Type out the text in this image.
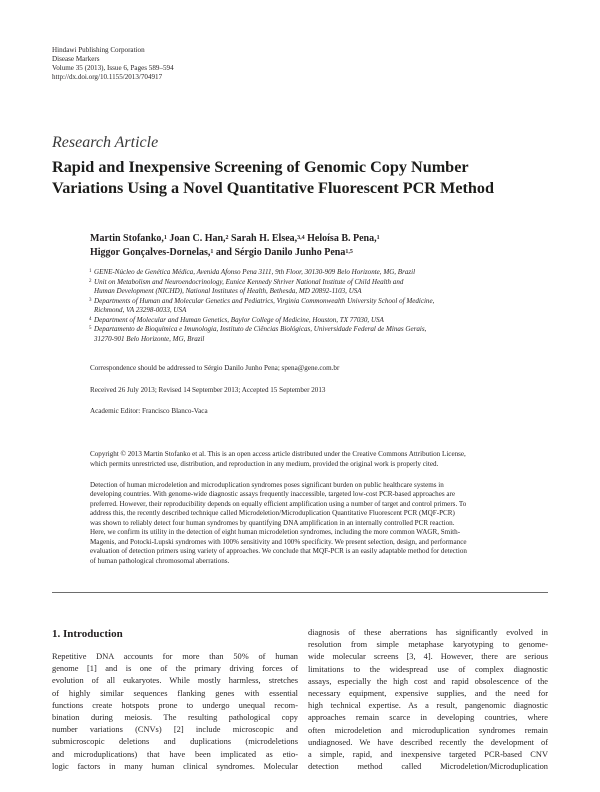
Hindawi Publishing Corporation
Disease Markers
Volume 35 (2013), Issue 6, Pages 589–594
http://dx.doi.org/10.1155/2013/704917
Research Article
Rapid and Inexpensive Screening of Genomic Copy Number
Variations Using a Novel Quantitative Fluorescent PCR Method
Martin Stofanko,$^1$ Joan C. Han,$^2$ Sarah H. Elsea,$^{3,4}$ Heloísa B. Pena,$^1$
Higgor Gonçalves-Dornelas,$^1$ and Sérgio Danilo Junho Pena$^{1,5}$
1 GENE-Núcleo de Genética Médica, Avenida Afonso Pena 3111, 9th Floor, 30130-909 Belo Horizonte, MG, Brazil
2 Unit on Metabolism and Neuroendocrinology, Eunice Kennedy Shriver National Institute of Child Health and
Human Development (NICHD), National Institutes of Health, Bethesda, MD 20892-1103, USA
3 Departments of Human and Molecular Genetics and Pediatrics, Virginia Commonwealth University School of Medicine,
Richmond, VA 23298-0033, USA
4 Department of Molecular and Human Genetics, Baylor College of Medicine, Houston, TX 77030, USA
5 Departamento de Bioquímica e Imunologia, Instituto de Ciências Biológicas, Universidade Federal de Minas Gerais,
31270-901 Belo Horizonte, MG, Brazil
Correspondence should be addressed to Sérgio Danilo Junho Pena; spena@gene.com.br
Received 26 July 2013; Revised 14 September 2013; Accepted 15 September 2013
Academic Editor: Francisco Blanco-Vaca
Copyright © 2013 Martin Stofanko et al. This is an open access article distributed under the Creative Commons Attribution License,
which permits unrestricted use, distribution, and reproduction in any medium, provided the original work is properly cited.
Detection of human microdeletion and microduplication syndromes poses significant burden on public healthcare systems in
developing countries. With genome-wide diagnostic assays frequently inaccessible, targeted low-cost PCR-based approaches are
preferred. However, their reproducibility depends on equally efficient amplification using a number of target and control primers. To
address this, the recently described technique called Microdeletion/Microduplication Quantitative Fluorescent PCR (MQF-PCR)
was shown to reliably detect four human syndromes by quantifying DNA amplification in an internally controlled PCR reaction.
Here, we confirm its utility in the detection of eight human microdeletion syndromes, including the more common WAGR, Smith-
Magenis, and Potocki-Lupski syndromes with 100% sensitivity and 100% specificity. We present selection, design, and performance
evaluation of detection primers using variety of approaches. We conclude that MQF-PCR is an easily adaptable method for detection
of human pathological chromosomal aberrations.
1. Introduction
Repetitive DNA accounts for more than 50% of human
genome [1] and is one of the primary driving forces of
evolution of all eukaryotes. While mostly harmless, stretches
of highly similar sequences flanking genes with essential
functions create hotspots prone to undergo unequal recom-
bination during meiosis. The resulting pathological copy
number variations (CNVs) [2] include microscopic and
submicroscopic deletions and duplications (microdeletions
and microduplications) that have been implicated as etio-
logic factors in many human clinical syndromes. Molecular
diagnosis of these aberrations has significantly evolved in
resolution from simple metaphase karyotyping to genome-
wide molecular screens [3, 4]. However, there are serious
limitations to the widespread use of complex diagnostic
assays, especially the high cost and rapid obsolescence of the
necessary equipment, expensive supplies, and the need for
high technical expertise. As a result, pangenomic diagnostic
approaches remain scarce in developing countries, where
often microdeletion and microduplication syndromes remain
undiagnosed. We have described recently the development of
a simple, rapid, and inexpensive targeted PCR-based CNV
detection method called Microdeletion/Microduplication
